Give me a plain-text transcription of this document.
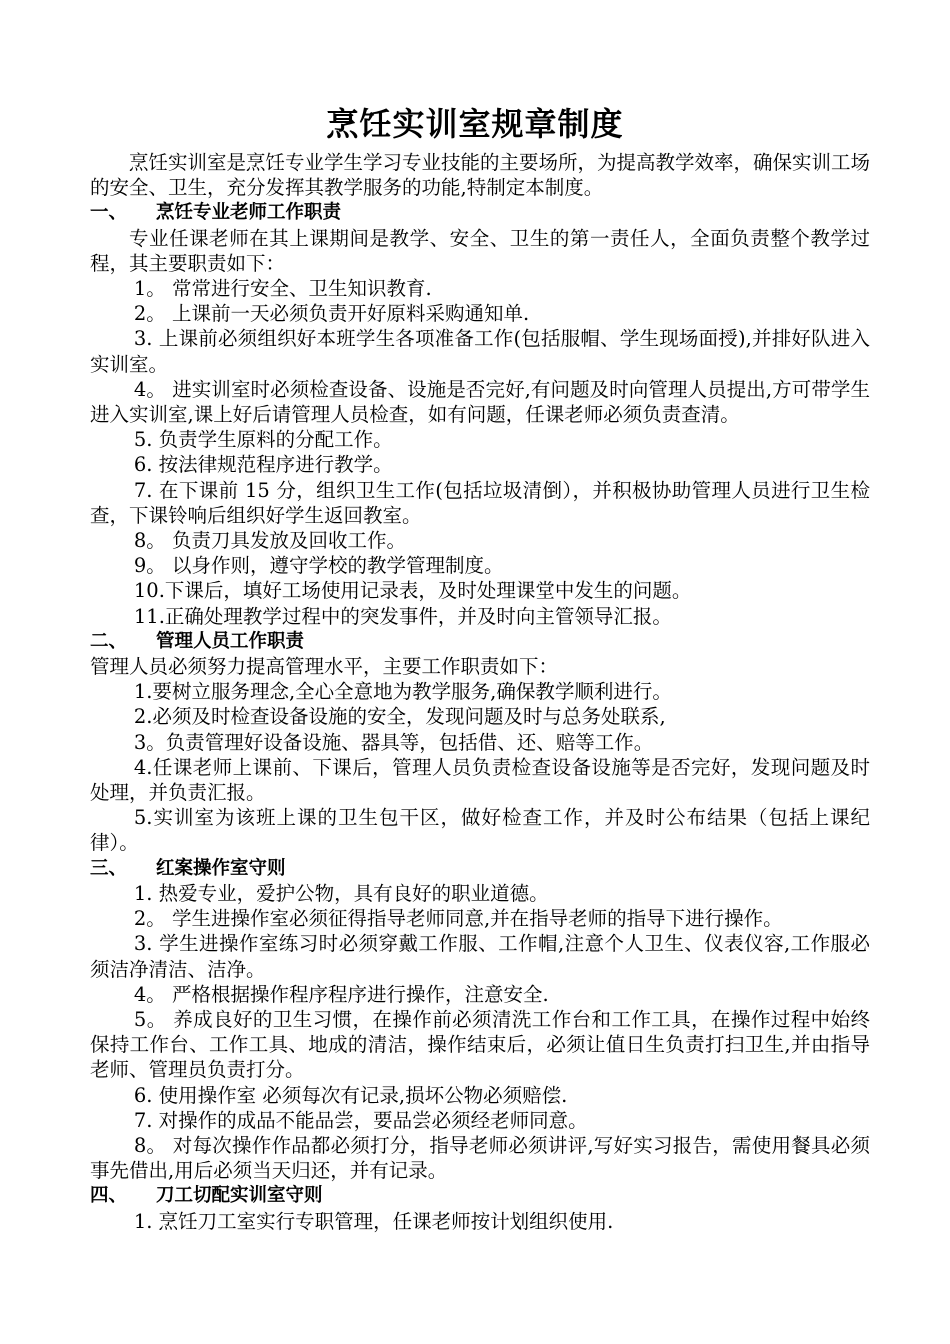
烹饪实训室规章制度

烹饪实训室是烹饪专业学生学习专业技能的主要场所，为提高教学效率，确保实训工场的安全、卫生，充分发挥其教学服务的功能,特制定本制度。

一、	烹饪专业老师工作职责

专业任课老师在其上课期间是教学、安全、卫生的第一责任人，全面负责整个教学过程，其主要职责如下：

1。 常常进行安全、卫生知识教育.

2。 上课前一天必须负责开好原料采购通知单.

3. 上课前必须组织好本班学生各项准备工作(包括服帽、学生现场面授),并排好队进入实训室。

4。 进实训室时必须检查设备、设施是否完好,有问题及时向管理人员提出,方可带学生进入实训室,课上好后请管理人员检查，如有问题，任课老师必须负责查清。

5. 负责学生原料的分配工作。

6. 按法律规范程序进行教学。

7. 在下课前 15 分，组织卫生工作(包括垃圾清倒），并积极协助管理人员进行卫生检查，下课铃响后组织好学生返回教室。

8。 负责刀具发放及回收工作。

9。 以身作则，遵守学校的教学管理制度。

10.下课后，填好工场使用记录表，及时处理课堂中发生的问题。

11.正确处理教学过程中的突发事件，并及时向主管领导汇报。

二、	管理人员工作职责

管理人员必须努力提高管理水平，主要工作职责如下：

1.要树立服务理念,全心全意地为教学服务,确保教学顺利进行。

2.必须及时检查设备设施的安全，发现问题及时与总务处联系,

3。负责管理好设备设施、器具等，包括借、还、赔等工作。

4.任课老师上课前、下课后，管理人员负责检查设备设施等是否完好，发现问题及时处理，并负责汇报。

5.实训室为该班上课的卫生包干区，做好检查工作，并及时公布结果（包括上课纪律）。

三、	红案操作室守则

1. 热爱专业，爱护公物，具有良好的职业道德。

2。 学生进操作室必须征得指导老师同意,并在指导老师的指导下进行操作。

3. 学生进操作室练习时必须穿戴工作服、工作帽,注意个人卫生、仪表仪容,工作服必须洁净清洁、洁净。

4。 严格根据操作程序程序进行操作，注意安全.

5。 养成良好的卫生习惯，在操作前必须清洗工作台和工作工具，在操作过程中始终保持工作台、工作工具、地成的清洁，操作结束后，必须让值日生负责打扫卫生,并由指导老师、管理员负责打分。

6. 使用操作室 必须每次有记录,损坏公物必须赔偿.

7. 对操作的成品不能品尝，要品尝必须经老师同意。

8。 对每次操作作品都必须打分，指导老师必须讲评,写好实习报告，需使用餐具必须事先借出,用后必须当天归还，并有记录。

四、	刀工切配实训室守则

1. 烹饪刀工室实行专职管理，任课老师按计划组织使用.
